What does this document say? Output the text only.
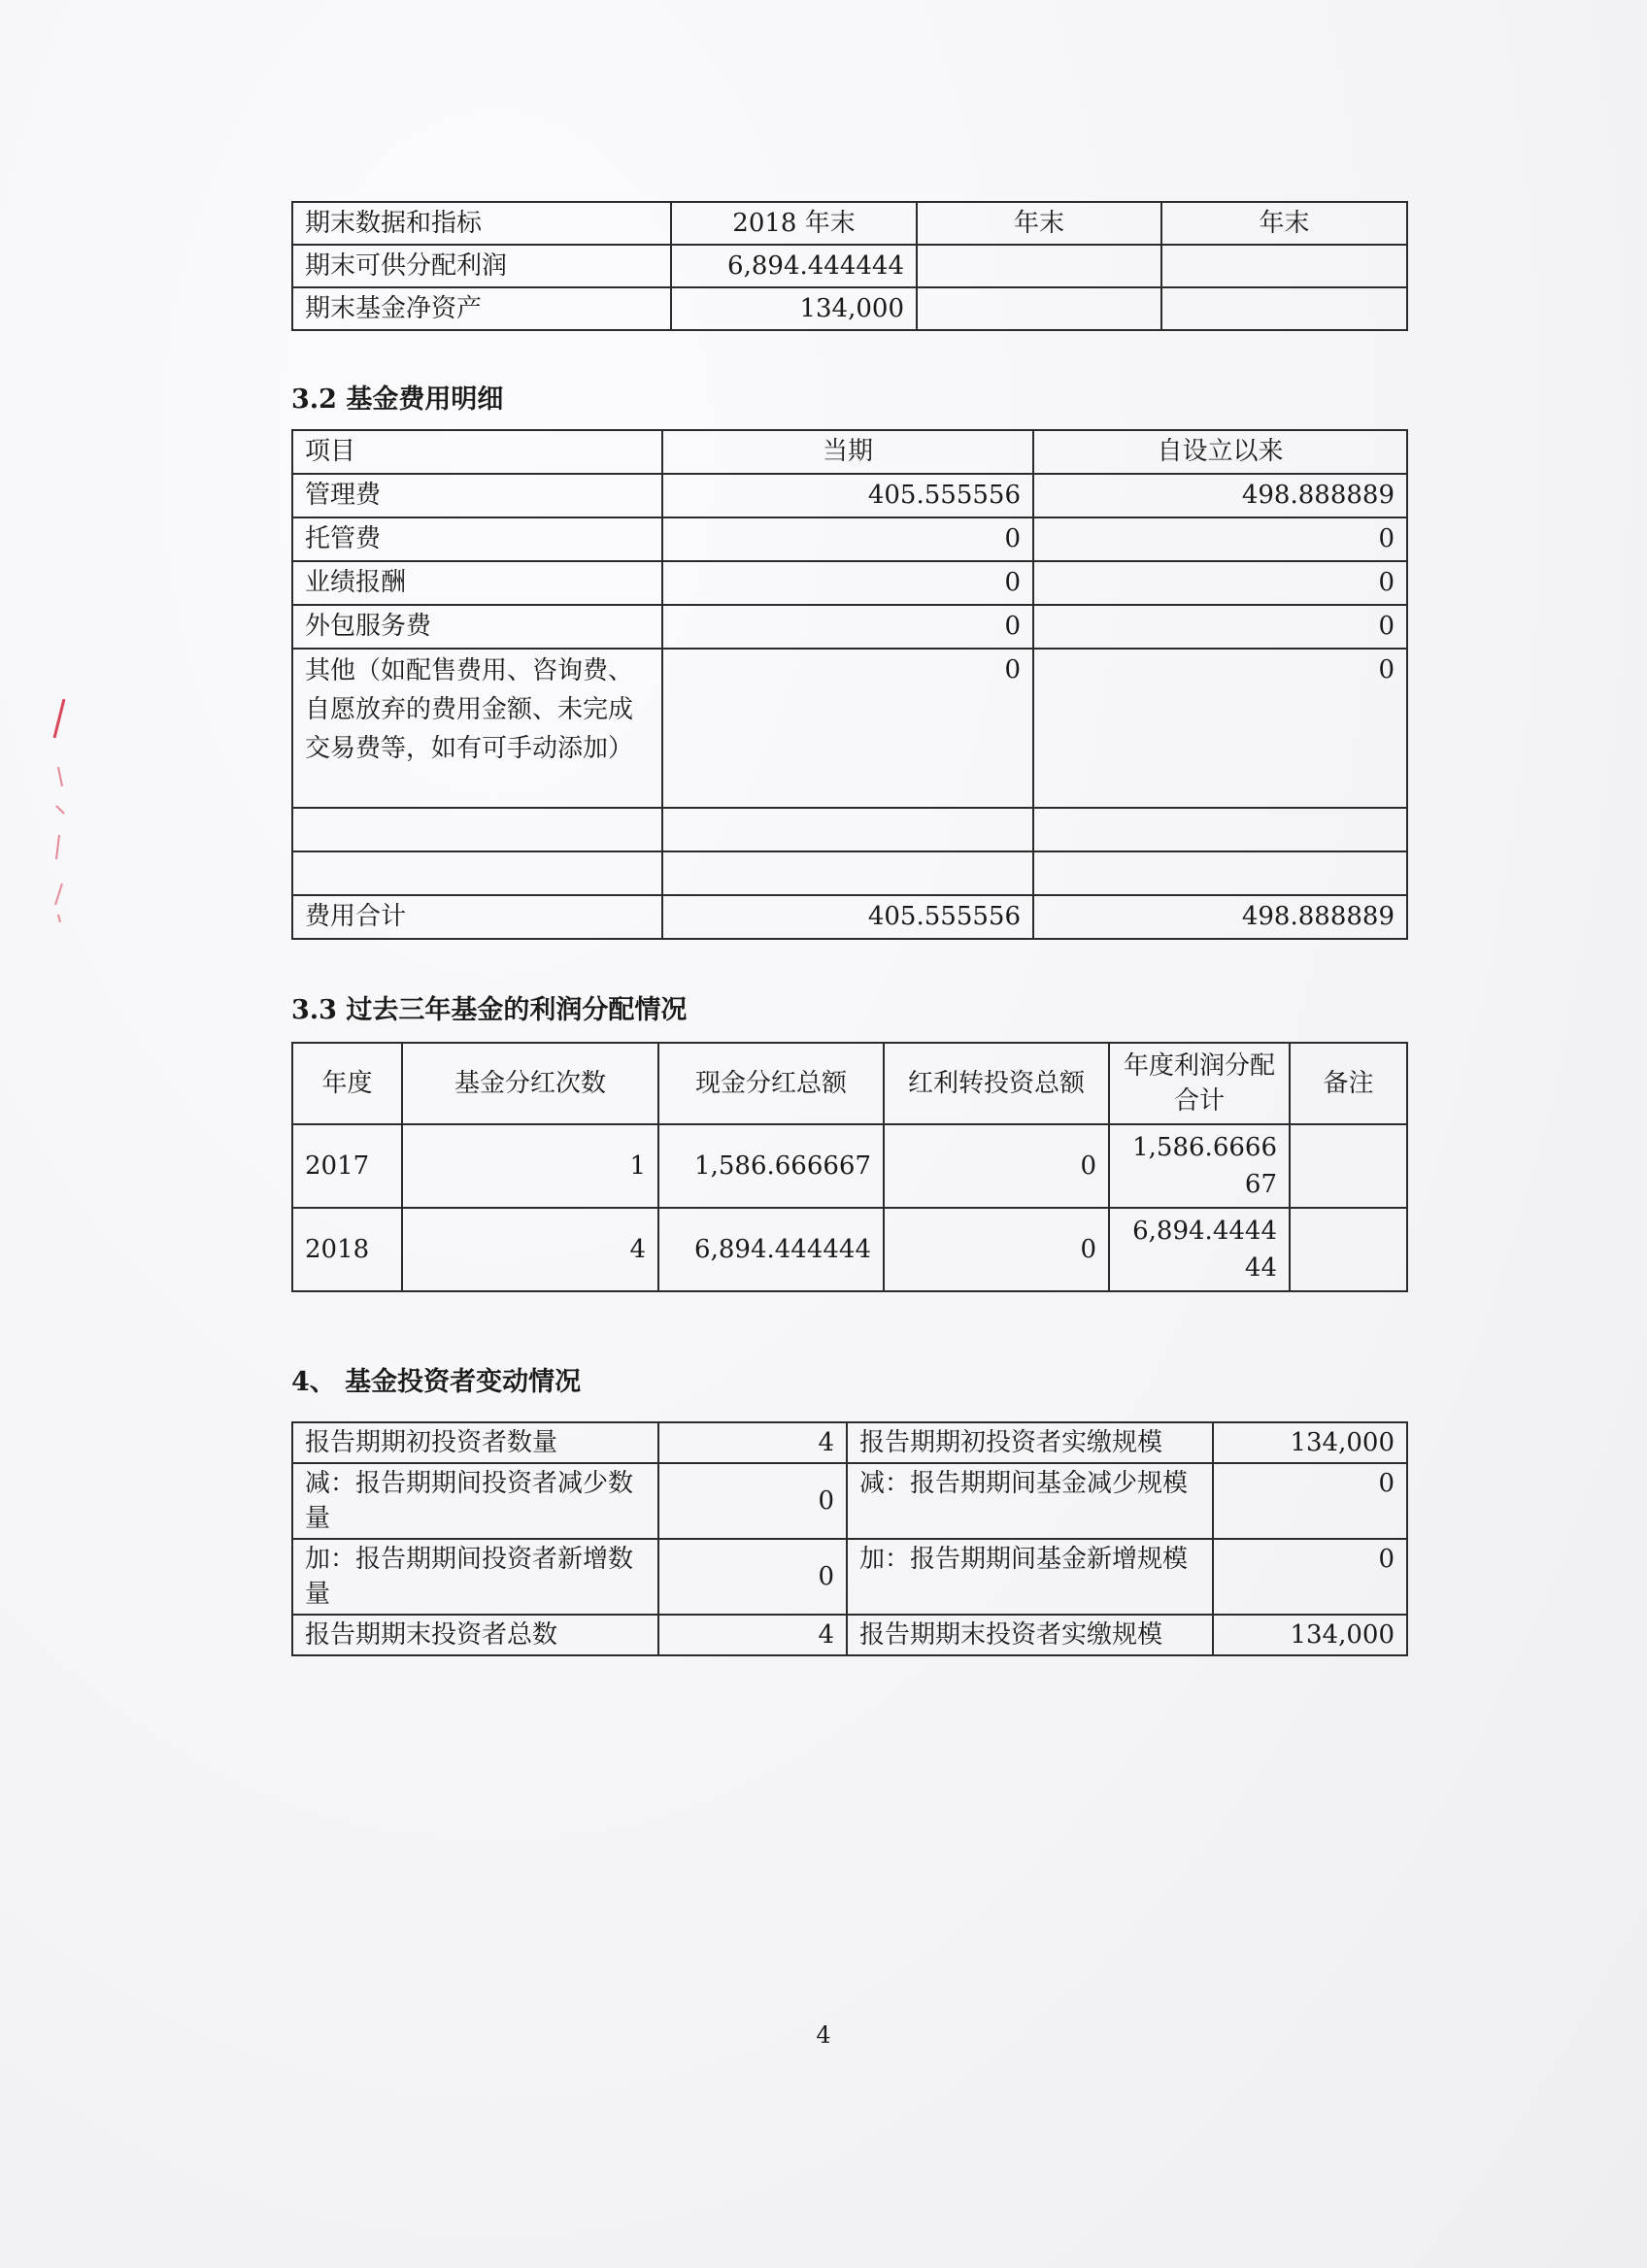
期末数据和指标	2018 年末	年末	年末
期末可供分配利润	6,894.444444		
期末基金净资产	134,000		

3.2 基金费用明细

项目	当期	自设立以来
管理费	405.555556	498.888889
托管费	0	0
业绩报酬	0	0
外包服务费	0	0
其他（如配售费用、咨询费、自愿放弃的费用金额、未完成交易费等，如有可手动添加）	0	0

费用合计	405.555556	498.888889

3.3 过去三年基金的利润分配情况

年度	基金分红次数	现金分红总额	红利转投资总额	年度利润分配合计	备注
2017	1	1,586.666667	0	1,586.666667	
2018	4	6,894.444444	0	6,894.444444	

4、 基金投资者变动情况

报告期期初投资者数量	4	报告期期初投资者实缴规模	134,000
减：报告期期间投资者减少数量	0	减：报告期期间基金减少规模	0
加：报告期期间投资者新增数量	0	加：报告期期间基金新增规模	0
报告期期末投资者总数	4	报告期期末投资者实缴规模	134,000
4
